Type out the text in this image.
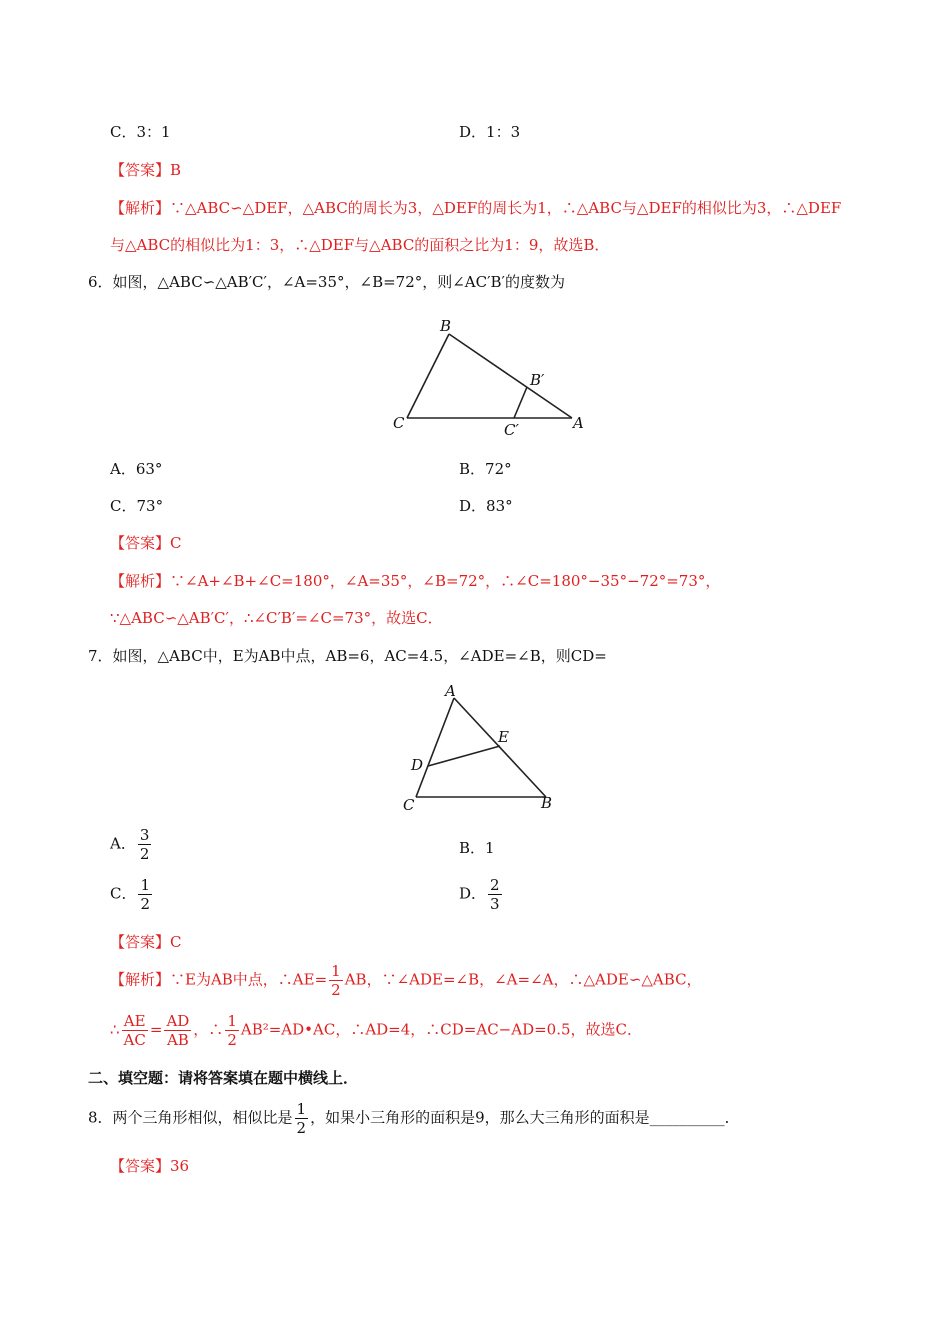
C．3：1	D．1：3
【答案】B
【解析】∵△ABC∽△DEF，△ABC的周长为3，△DEF的周长为1，∴△ABC与△DEF的相似比为3，∴△DEF
与△ABC的相似比为1：3，∴△DEF与△ABC的面积之比为1：9，故选B．
6．如图，△ABC∽△AB′C′，∠A=35°，∠B=72°，则∠AC′B′的度数为
B
B′
C	C′	A
A．63°	B．72°
C．73°	D．83°
【答案】C
【解析】∵∠A+∠B+∠C=180°，∠A=35°，∠B=72°，∴∠C=180°−35°−72°=73°，
∵△ABC∽△AB′C′，∴∠C′B′=∠C=73°，故选C．
7．如图，△ABC中，E为AB中点，AB=6，AC=4.5，∠ADE=∠B，则CD=
A
E
D
C	B
A． $\frac{3}{2}$	B．1
C． $\frac{1}{2}$	D． $\frac{2}{3}$
【答案】C
【解析】∵E为AB中点，∴AE= $\frac{1}{2}$ AB，∵∠ADE=∠B，∠A=∠A，∴△ADE∽△ABC，
∴ $\frac{AE}{AC} = \frac{AD}{AB}$ ，∴ $\frac{1}{2}$ AB²=AD•AC，∴AD=4，∴CD=AC−AD=0.5，故选C．
二、填空题：请将答案填在题中横线上．
8．两个三角形相似，相似比是 $\frac{1}{2}$ ，如果小三角形的面积是9，那么大三角形的面积是__________．
【答案】36
